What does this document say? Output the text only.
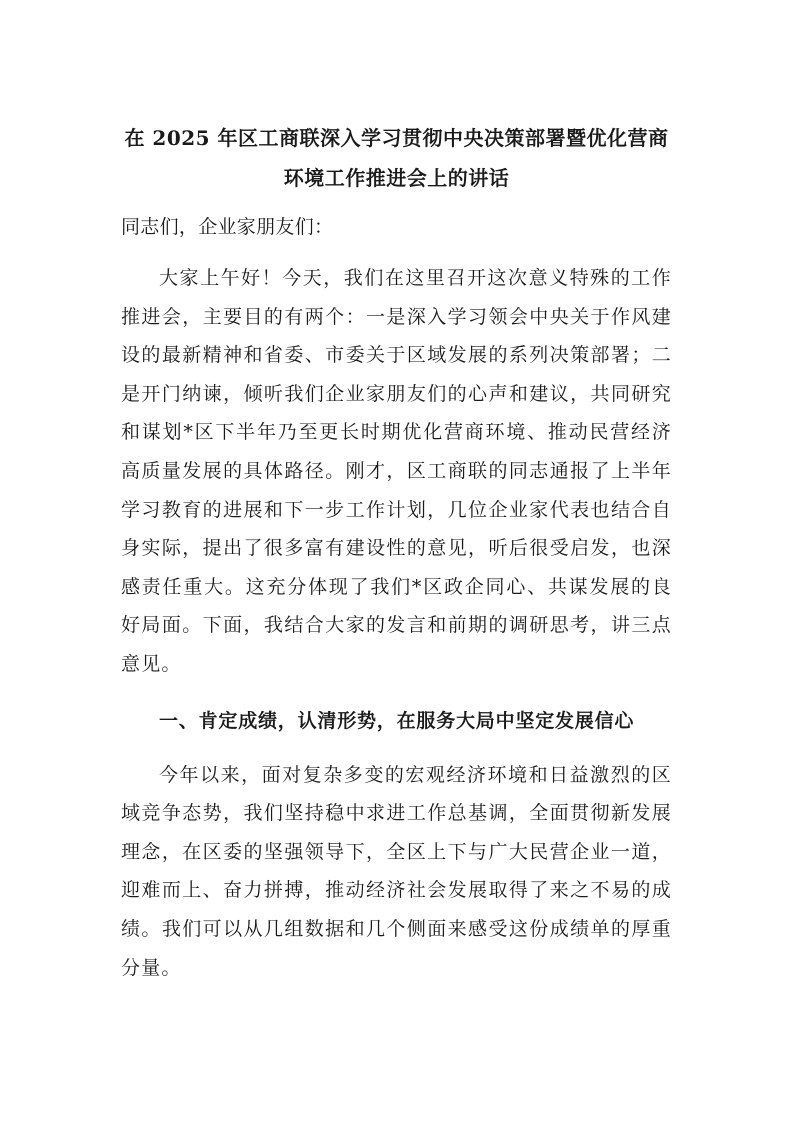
在 2025 年区工商联深入学习贯彻中央决策部署暨优化营商
环境工作推进会上的讲话

同志们，企业家朋友们：

大家上午好！今天，我们在这里召开这次意义特殊的工作推进会，主要目的有两个：一是深入学习领会中央关于作风建设的最新精神和省委、市委关于区域发展的系列决策部署；二是开门纳谏，倾听我们企业家朋友们的心声和建议，共同研究和谋划*区下半年乃至更长时期优化营商环境、推动民营经济高质量发展的具体路径。刚才，区工商联的同志通报了上半年学习教育的进展和下一步工作计划，几位企业家代表也结合自身实际，提出了很多富有建设性的意见，听后很受启发，也深感责任重大。这充分体现了我们*区政企同心、共谋发展的良好局面。下面，我结合大家的发言和前期的调研思考，讲三点意见。

一、肯定成绩，认清形势，在服务大局中坚定发展信心

今年以来，面对复杂多变的宏观经济环境和日益激烈的区域竞争态势，我们坚持稳中求进工作总基调，全面贯彻新发展理念，在区委的坚强领导下，全区上下与广大民营企业一道，迎难而上、奋力拼搏，推动经济社会发展取得了来之不易的成绩。我们可以从几组数据和几个侧面来感受这份成绩单的厚重分量。
